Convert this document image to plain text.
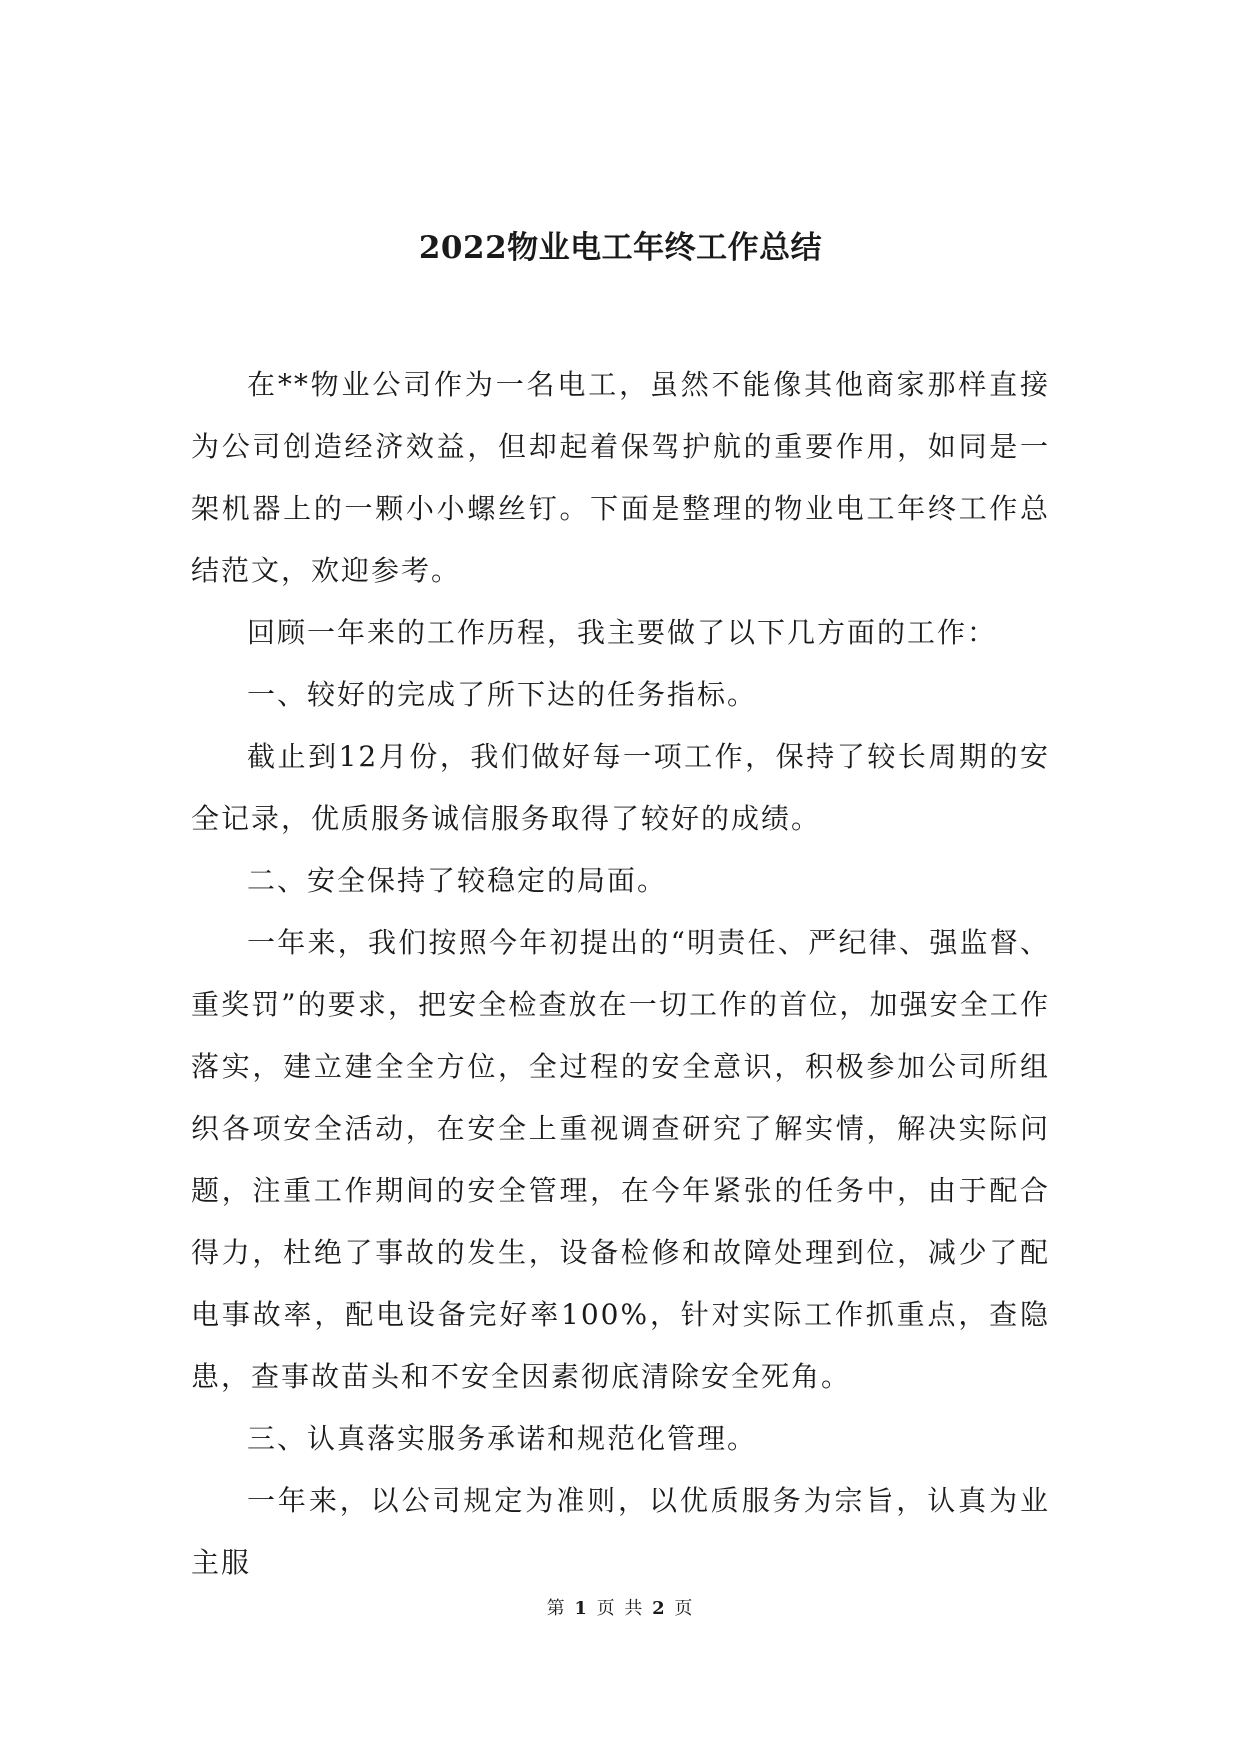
2022物业电工年终工作总结

在**物业公司作为一名电工，虽然不能像其他商家那样直接为公司创造经济效益，但却起着保驾护航的重要作用，如同是一架机器上的一颗小小螺丝钉。下面是整理的物业电工年终工作总结范文，欢迎参考。

回顾一年来的工作历程，我主要做了以下几方面的工作：

一、较好的完成了所下达的任务指标。

截止到12月份，我们做好每一项工作，保持了较长周期的安全记录，优质服务诚信服务取得了较好的成绩。

二、安全保持了较稳定的局面。

一年来，我们按照今年初提出的“明责任、严纪律、强监督、重奖罚”的要求，把安全检查放在一切工作的首位，加强安全工作落实，建立建全全方位，全过程的安全意识，积极参加公司所组织各项安全活动，在安全上重视调查研究了解实情，解决实际问题，注重工作期间的安全管理，在今年紧张的任务中，由于配合得力，杜绝了事故的发生，设备检修和故障处理到位，减少了配电事故率，配电设备完好率100%，针对实际工作抓重点，查隐患，查事故苗头和不安全因素彻底清除安全死角。

三、认真落实服务承诺和规范化管理。

一年来，以公司规定为准则，以优质服务为宗旨，认真为业主服

第 1 页 共 2 页
